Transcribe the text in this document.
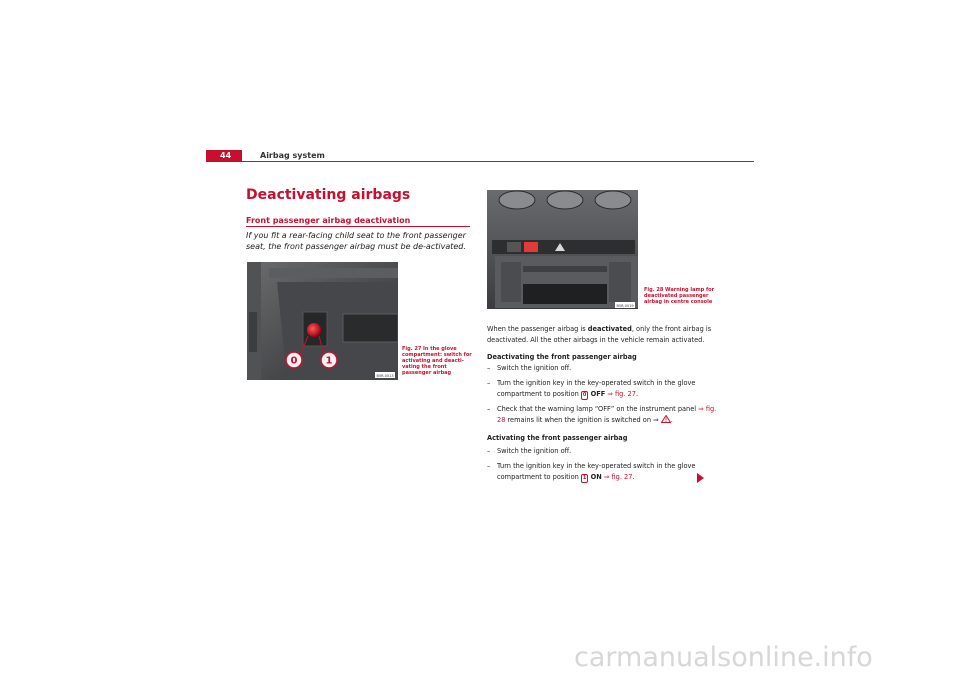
44	Airbag system
Deactivating airbags
Front passenger airbag deactivation
If you fit a rear-facing child seat to the front passenger seat, the front passenger airbag must be de-activated.
0	1
B5R-0013
Fig. 27 In the glove compartment: switch for activating and deacti-vating the front passenger airbag
B5R-0019
Fig. 28 Warning lamp for deactivated passenger airbag in centre console
When the passenger airbag is deactivated, only the front airbag is deactivated. All the other airbags in the vehicle remain activated.
Deactivating the front passenger airbag
– Switch the ignition off.
– Turn the ignition key in the key-operated switch in the glove compartment to position 0 OFF ⇒ fig. 27.
– Check that the warning lamp “OFF” on the instrument panel ⇒ fig. 28 remains lit when the ignition is switched on ⇒ .
Activating the front passenger airbag
– Switch the ignition off.
– Turn the ignition key in the key-operated switch in the glove compartment to position 1 ON ⇒ fig. 27.
carmanualsonline.info
